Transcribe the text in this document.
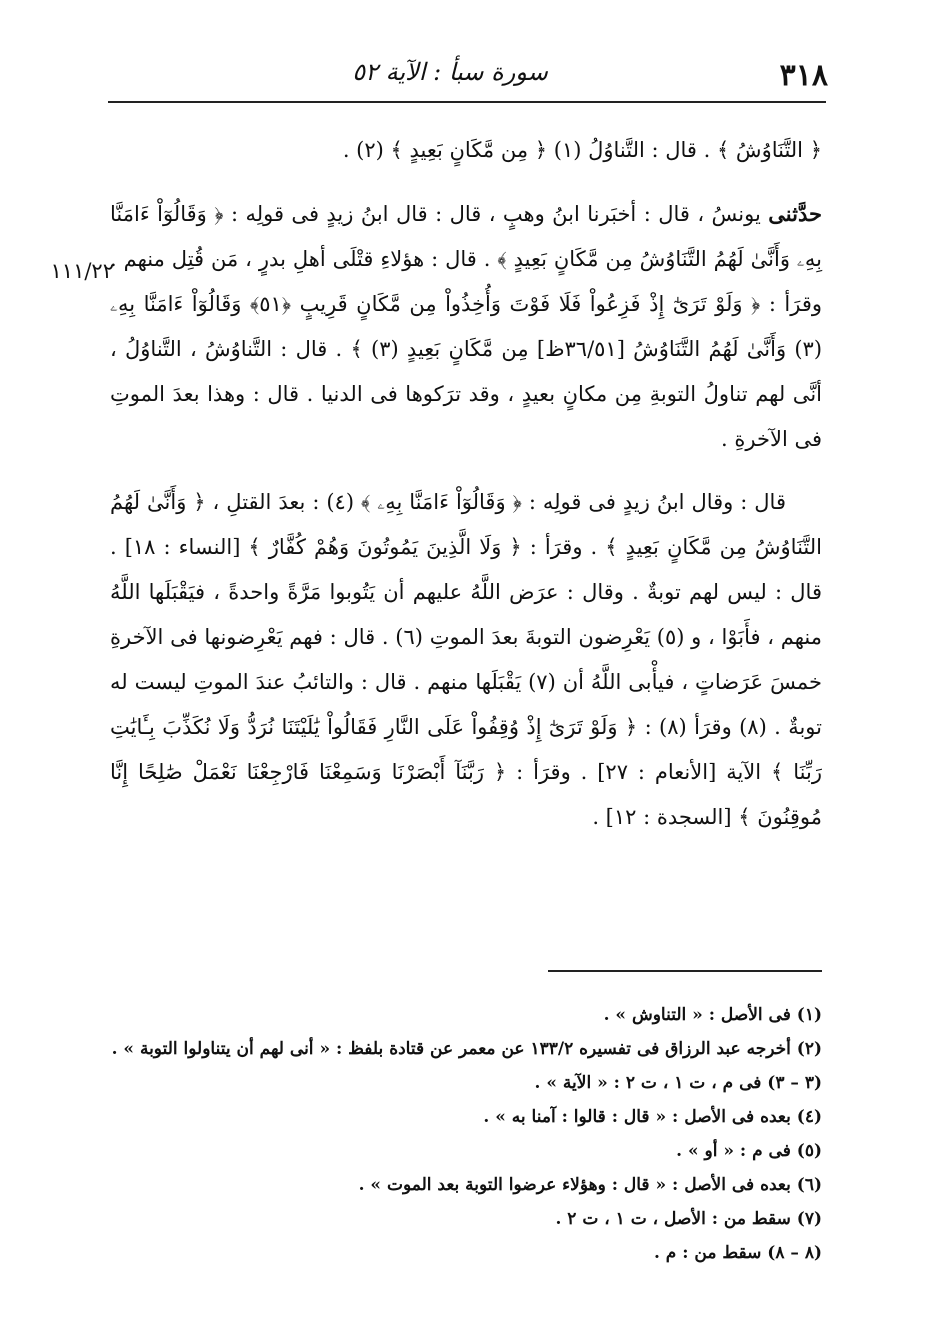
٣١٨
سورة سبأ : الآية ٥٢
١١١/٢٢

﴿ التَّنَاوُشُ ﴾ . قال : التَّناوُلُ (١) ﴿ مِن مَّكَانٍ بَعِيدٍ ﴾ (٢) .

حدَّثنى يونسُ ، قال : أخبَرنا ابنُ وهبٍ ، قال : قال ابنُ زيدٍ فى قولِه : ﴿ وَقَالُوٓاْ ءَامَنَّا بِهِۦ وَأَنَّىٰ لَهُمُ التَّنَاوُشُ مِن مَّكَانٍ بَعِيدٍ ﴾ . قال : هؤلاءِ قتْلَى أهلِ بدرٍ ، مَن قُتِل منهم . وقرَأ : ﴿ وَلَوْ تَرَىٰٓ إِذْ فَزِعُواْ فَلَا فَوْتَ وَأُخِذُواْ مِن مَّكَانٍ قَرِيبٍ ﴿٥١﴾ وَقَالُوٓاْ ءَامَنَّا بِهِۦ (٣) وَأَنَّىٰ لَهُمُ التَّنَاوُشُ [٣٦/٥١ظ] مِن مَّكَانٍ بَعِيدٍ (٣) ﴾ . قال : التَّناوُشُ ، التَّناوُلُ ، أنَّى لهم تناولُ التوبةِ مِن مكانٍ بعيدٍ ، وقد ترَكوها فى الدنيا . قال : وهذا بعدَ الموتِ فى الآخرةِ .

قال : وقال ابنُ زيدٍ فى قولِه : ﴿ وَقَالُوٓاْ ءَامَنَّا بِهِۦ ﴾ (٤) : بعدَ القتلِ ، ﴿ وَأَنَّىٰ لَهُمُ التَّنَاوُشُ مِن مَّكَانٍ بَعِيدٍ ﴾ . وقرَأ : ﴿ وَلَا الَّذِينَ يَمُوتُونَ وَهُمْ كُفَّارٌ ﴾ [النساء : ١٨] . قال : ليس لهم توبةٌ . وقال : عرَض اللَّهُ عليهم أن يَتُوبوا مَرَّةً واحدةً ، فيَقْبَلَها اللَّهُ منهم ، فأَبَوْا ، و (٥) يَعْرِضون التوبةَ بعدَ الموتِ (٦) . قال : فهم يَعْرِضونها فى الآخرةِ خمسَ عَرَضاتٍ ، فيأْبى اللَّهُ أن (٧) يَقْبَلَها منهم . قال : والتائبُ عندَ الموتِ ليست له توبةٌ . (٨) وقرَأ (٨) : ﴿ وَلَوْ تَرَىٰٓ إِذْ وُقِفُواْ عَلَى النَّارِ فَقَالُواْ يَٰلَيْتَنَا نُرَدُّ وَلَا نُكَذِّبَ بِـَٔايَٰتِ رَبِّنَا ﴾ الآية [الأنعام : ٢٧] . وقرَأ : ﴿ رَبَّنَآ أَبْصَرْنَا وَسَمِعْنَا فَارْجِعْنَا نَعْمَلْ صَٰلِحًا إِنَّا مُوقِنُونَ ﴾ [السجدة : ١٢] .

(١) فى الأصل : « التناوش » .
(٢) أخرجه عبد الرزاق فى تفسيره ١٣٣/٢ عن معمر عن قتادة بلفظ : « أنى لهم أن يتناولوا التوبة » .
(٣ – ٣) فى م ، ت ١ ، ت ٢ : « الآية » .
(٤) بعده فى الأصل : « قال : قالوا : آمنا به » .
(٥) فى م : « أو » .
(٦) بعده فى الأصل : « قال : وهؤلاء عرضوا التوبة بعد الموت » .
(٧) سقط من : الأصل ، ت ١ ، ت ٢ .
(٨ – ٨) سقط من : م .
